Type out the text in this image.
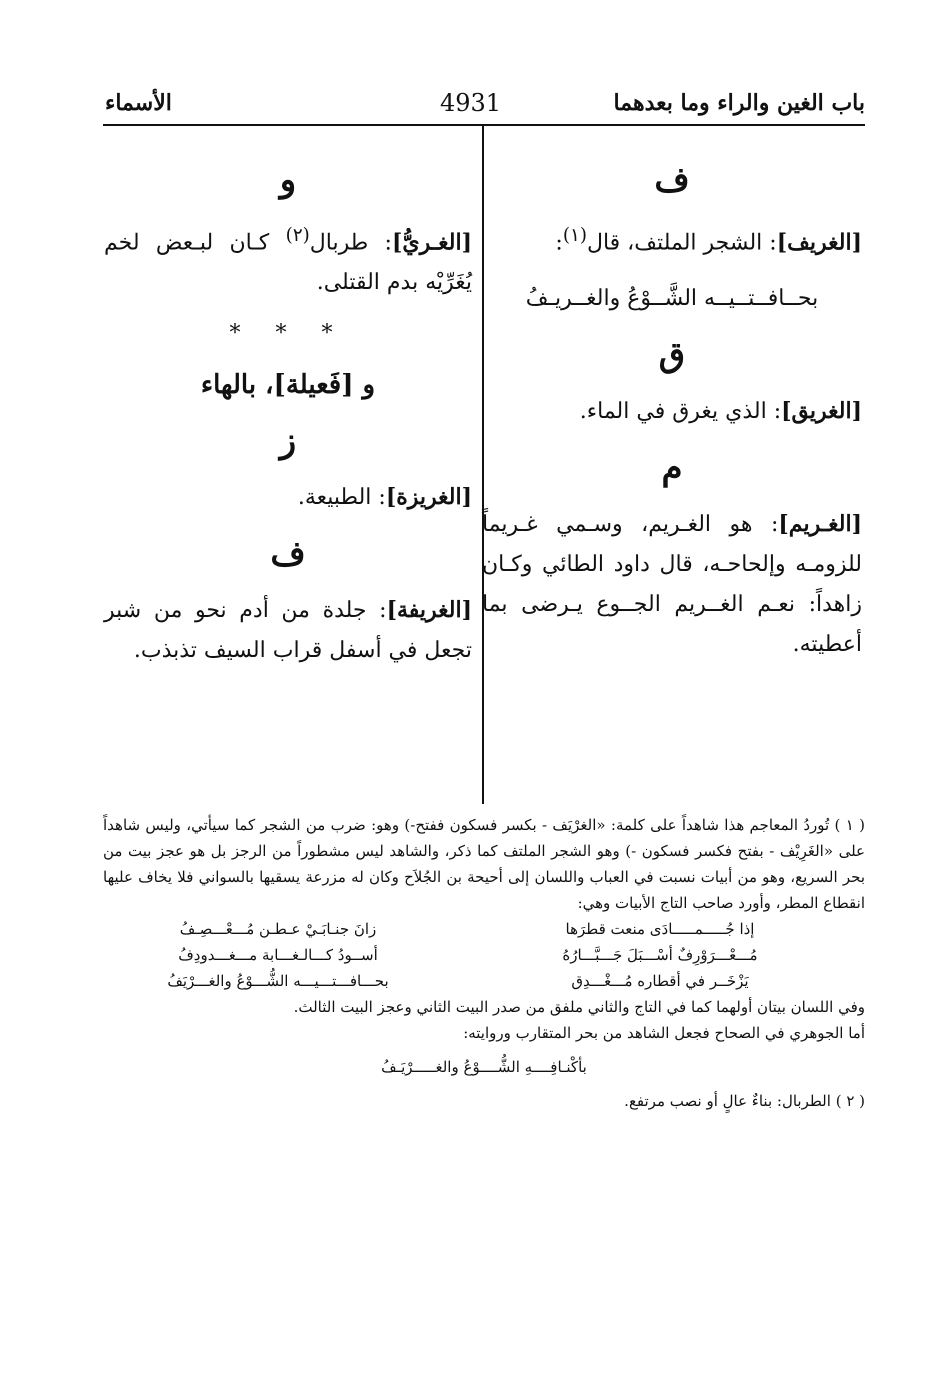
باب الغين والراء وما بعدهما
4931
الأسماء
ف

[الغريف]: الشجر الملتف، قال$^{(١)}$:

بحــافــتــيــه الشَّــوْعُ والغــريـفُ

ق

[الغريق]: الذي يغرق في الماء.

م

[الغـريم]: هو الغـريم، وسـمي غـريماً للزومـه وإلحاحـه، قال داود الطائي وكـان زاهداً: نعـم الغــريم الجــوع يـرضى بما أعطيته.

و

[الغـريُّ]: طربال$^{(٢)}$ كـان لبـعض لخم يُغَرِّيْه بدم القتلى.

* * *
و [فَعيلة]، بالهاء
ز

[الغريزة]: الطبيعة.

ف

[الغريفة]: جلدة من أدم نحو من شبر تجعل في أسفل قراب السيف تذبذب.

( ١ ) تُوردُ المعاجم هذا شاهداً على كلمة: «الغرْيَف - بكسر فسكون ففتح-) وهو: ضرب من الشجر كما سيأتي، وليس شاهداً على «الغَرِيْف - بفتح فكسر فسكون -) وهو الشجر الملتف كما ذكر، والشاهد ليس مشطوراً من الرجز بل هو عجز بيت من بحر السريع، وهو من أبيات نسبت في العباب واللسان إلى أحيحة بن الجُلاَح وكان له مزرعة يسقيها بالسواني فلا يخاف عليها انقطاع المطر، وأورد صاحب التاج الأبيات وهي:

إذا جُـــــمـــــادَى منعت قطرَها
زانَ جنـابَـيْ عـطـن مُـــعْـــصِـفُ
مُـــعْـــرَوْرِفٌ أسْـــبَلَ جَـــبَّـــارُهُ
أســودُ كـــالـغـــابة مـــغـــدودِفُ
يَزْخَــر في أقطاره مُـــغْـــدِق
بحـــافـــتـــيـــه الشُّـــوْعُ والغـــرْيَفُ

وفي اللسان بيتان أولهما كما في التاج والثاني ملفق من صدر البيت الثاني وعجز البيت الثالث.

أما الجوهري في الصحاح فجعل الشاهد من بحر المتقارب وروايته:

بأكْنـافِــــهِ الشُّــــوْعُ والغـــــرْيَـفُ

( ٢ ) الطربال: بناءٌ عالٍ أو نصب مرتفع.
